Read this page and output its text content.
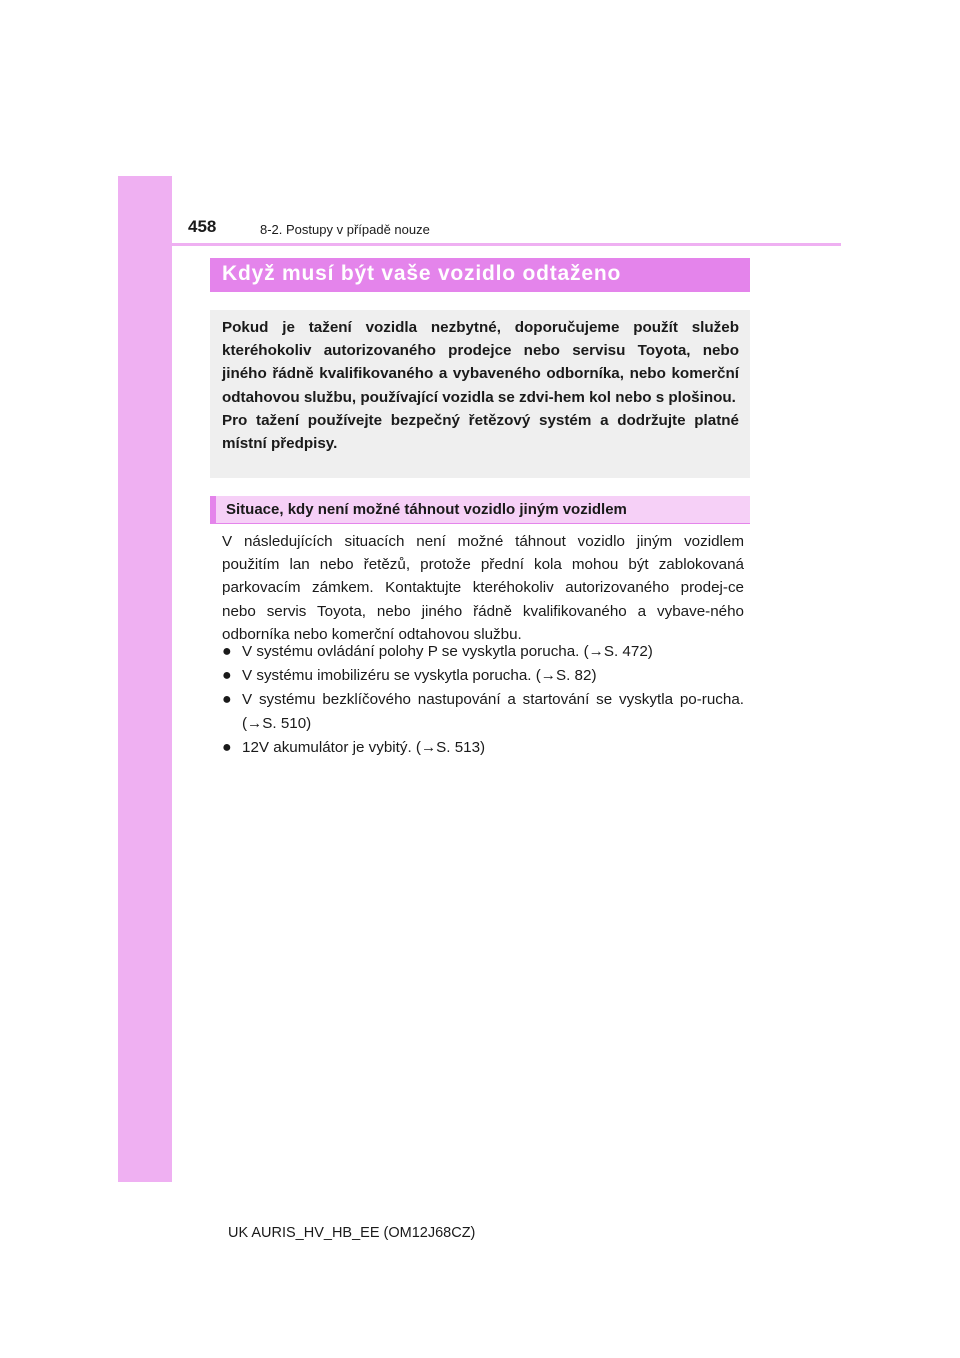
458	8-2. Postupy v případě nouze
Když musí být vaše vozidlo odtaženo

Pokud je tažení vozidla nezbytné, doporučujeme použít služeb kteréhokoliv autorizovaného prodejce nebo servisu Toyota, nebo jiného řádně kvalifikovaného a vybaveného odborníka, nebo komerční odtahovou službu, používající vozidla se zdvi-hem kol nebo s plošinou.

Pro tažení používejte bezpečný řetězový systém a dodržujte platné místní předpisy.

Situace, kdy není možné táhnout vozidlo jiným vozidlem

V následujících situacích není možné táhnout vozidlo jiným vozidlem použitím lan nebo řetězů, protože přední kola mohou být zablokovaná parkovacím zámkem. Kontaktujte kteréhokoliv autorizovaného prodej-ce nebo servis Toyota, nebo jiného řádně kvalifikovaného a vybave-ného odborníka nebo komerční odtahovou službu.

● V systému ovládání polohy P se vyskytla porucha. (→S. 472)
● V systému imobilizéru se vyskytla porucha. (→S. 82)
● V systému bezklíčového nastupování a startování se vyskytla po-rucha. (→S. 510)
● 12V akumulátor je vybitý. (→S. 513)
UK AURIS_HV_HB_EE (OM12J68CZ)
